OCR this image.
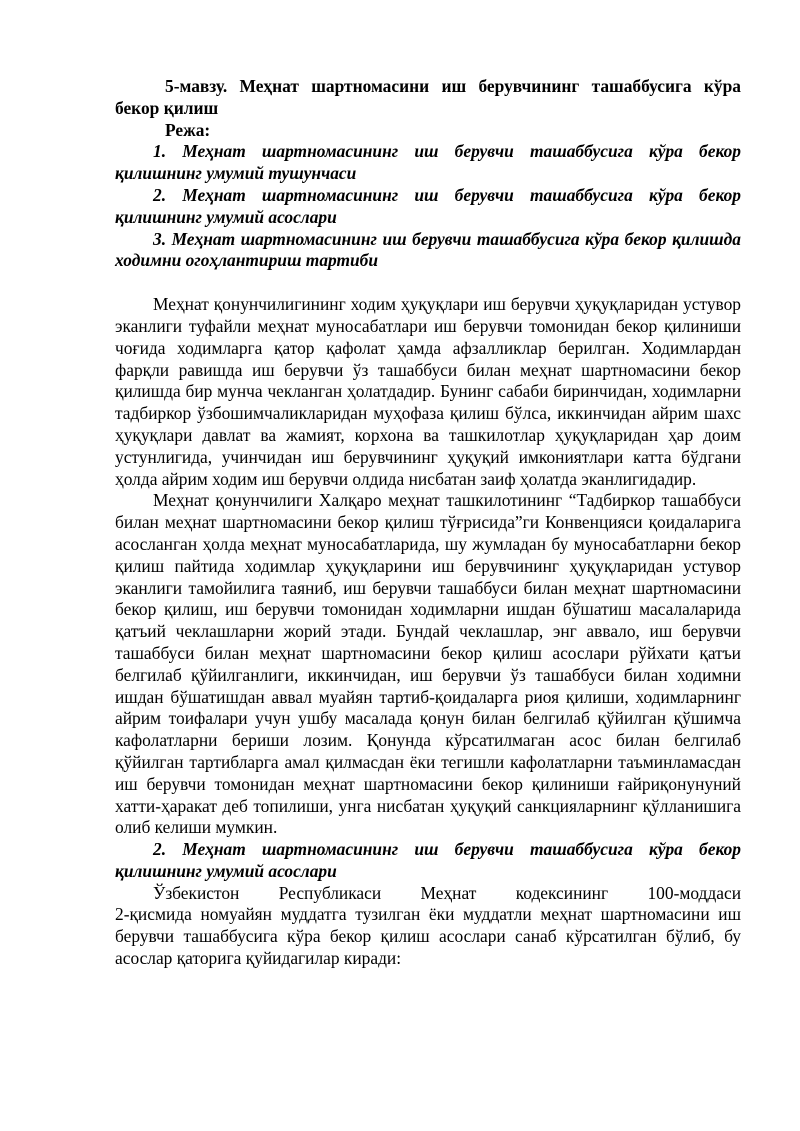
5-мавзу. Меҳнат шартномасини иш берувчининг ташаббусига кўра бекор қилиш

Режа:

1. Меҳнат шартномасининг иш берувчи ташаббусига кўра бекор қилишнинг умумий тушунчаси

2. Меҳнат шартномасининг иш берувчи ташаббусига кўра бекор қилишнинг умумий асослари

3. Меҳнат шартномасининг иш берувчи ташаббусига кўра бекор қилишда ходимни огоҳлантириш тартиби

Меҳнат қонунчилигининг ходим ҳуқуқлари иш берувчи ҳуқуқларидан устувор эканлиги туфайли меҳнат муносабатлари иш берувчи томонидан бекор қилиниши чоғида ходимларга қатор қафолат ҳамда афзалликлар берилган. Ходимлардан фарқли равишда иш берувчи ўз ташаббуси билан меҳнат шартномасини бекор қилишда бир мунча чекланган ҳолатдадир. Бунинг сабаби биринчидан, ходимларни тадбиркор ўзбошимчаликларидан муҳофаза қилиш бўлса, иккинчидан айрим шахс ҳуқуқлари давлат ва жамият, корхона ва ташкилотлар ҳуқуқларидан ҳар доим устунлигида, учинчидан иш берувчининг ҳуқуқий имкониятлари катта бўдгани ҳолда айрим ходим иш берувчи олдида нисбатан заиф ҳолатда эканлигидадир.

Меҳнат қонунчилиги Халқаро меҳнат ташкилотининг “Тадбиркор ташаббуси билан меҳнат шартномасини бекор қилиш тўғрисида”ги Конвенцияси қоидаларига асосланган ҳолда меҳнат муносабатларида, шу жумладан бу муносабатларни бекор қилиш пайтида ходимлар ҳуқуқларини иш берувчининг ҳуқуқларидан устувор эканлиги тамойилига таяниб, иш берувчи ташаббуси билан меҳнат шартномасини бекор қилиш, иш берувчи томонидан ходимларни ишдан бўшатиш масалаларида қатъий чеклашларни жорий этади. Бундай чеклашлар, энг аввало, иш берувчи ташаббуси билан меҳнат шартномасини бекор қилиш асослари рўйхати қатъи белгилаб қўйилганлиги, иккинчидан, иш берувчи ўз ташаббуси билан ходимни ишдан бўшатишдан аввал муайян тартиб-қоидаларга риоя қилиши, ходимларнинг айрим тоифалари учун ушбу масалада қонун билан белгилаб қўйилган қўшимча кафолатларни бериши лозим. Қонунда кўрсатилмаган асос билан белгилаб қўйилган тартибларга амал қилмасдан ёки тегишли кафолатларни таъминламасдан иш берувчи томонидан меҳнат шартномасини бекор қилиниши ғайриқонунуний хатти-ҳаракат деб топилиши, унга нисбатан ҳуқуқий санкцияларнинг қўлланишига олиб келиши мумкин.

2. Меҳнат шартномасининг иш берувчи ташаббусига кўра бекор қилишнинг умумий асослари

Ўзбекистон Республикаси Меҳнат кодексининг 100-моддаси

2-қисмида номуайян муддатга тузилган ёки муддатли меҳнат шартномасини иш берувчи ташаббусига кўра бекор қилиш асослари санаб кўрсатилган бўлиб, бу асослар қаторига қуйидагилар киради:
